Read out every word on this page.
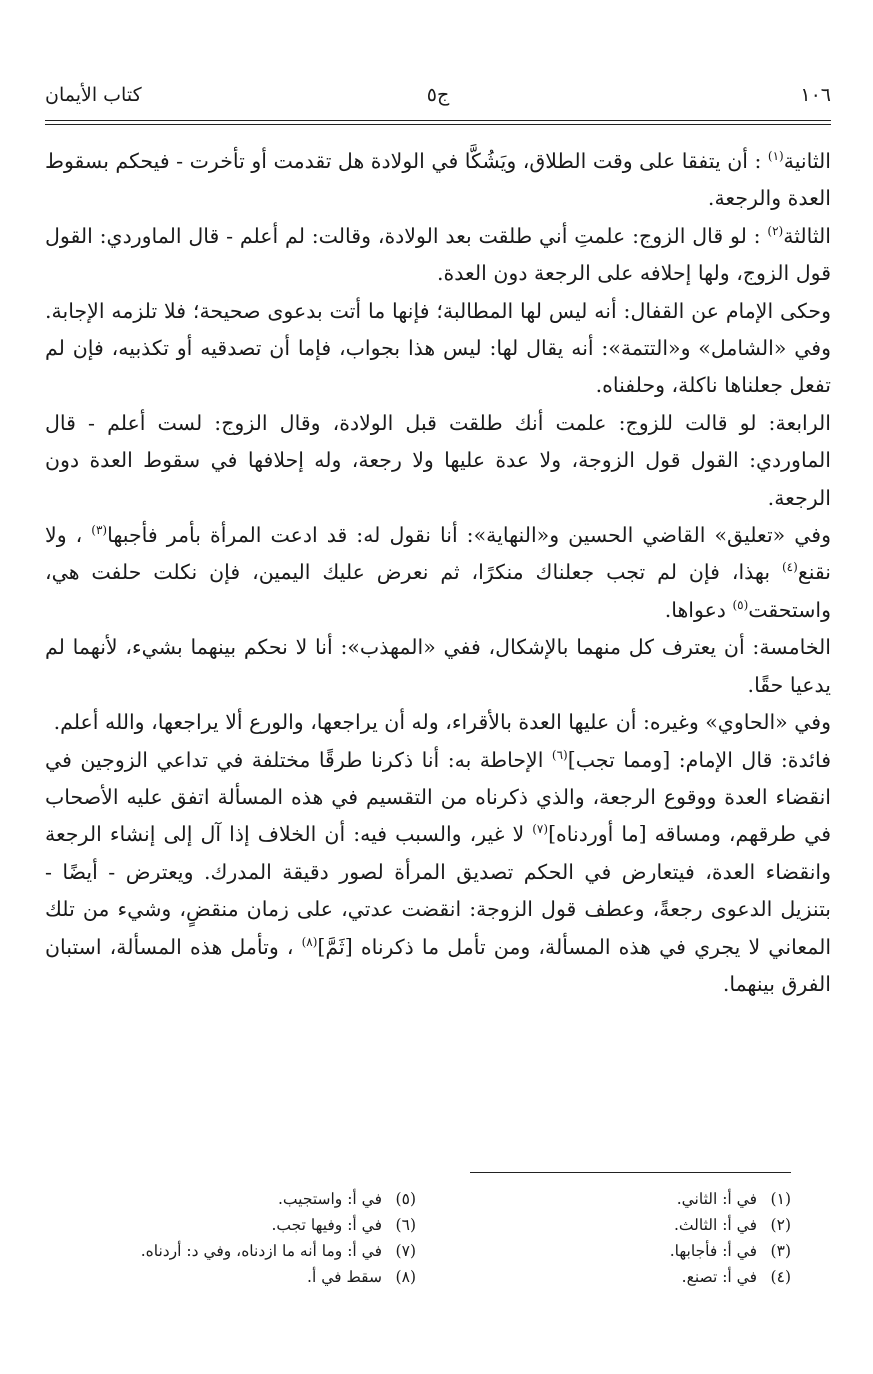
١٠٦
ج٥
كتاب الأيمان

الثانية$^{(١)}$ : أن يتفقا على وقت الطلاق، ويَشُكَّا في الولادة هل تقدمت أو تأخرت - فيحكم بسقوط العدة والرجعة.

الثالثة$^{(٢)}$ : لو قال الزوج: علمتِ أني طلقت بعد الولادة، وقالت: لم أعلم - قال الماوردي: القول قول الزوج، ولها إحلافه على الرجعة دون العدة.

وحكى الإمام عن القفال: أنه ليس لها المطالبة؛ فإنها ما أتت بدعوى صحيحة؛ فلا تلزمه الإجابة. وفي «الشامل» و«التتمة»: أنه يقال لها: ليس هذا بجواب، فإما أن تصدقيه أو تكذبيه، فإن لم تفعل جعلناها ناكلة، وحلفناه.

الرابعة: لو قالت للزوج: علمت أنك طلقت قبل الولادة، وقال الزوج: لست أعلم - قال الماوردي: القول قول الزوجة، ولا عدة عليها ولا رجعة، وله إحلافها في سقوط العدة دون الرجعة.

وفي «تعليق» القاضي الحسين و«النهاية»: أنا نقول له: قد ادعت المرأة بأمر فأجبها$^{(٣)}$ ، ولا نقنع$^{(٤)}$ بهذا، فإن لم تجب جعلناك منكرًا، ثم نعرض عليك اليمين، فإن نكلت حلفت هي، واستحقت$^{(٥)}$ دعواها.

الخامسة: أن يعترف كل منهما بالإشكال، ففي «المهذب»: أنا لا نحكم بينهما بشيء، لأنهما لم يدعيا حقًا.

وفي «الحاوي» وغيره: أن عليها العدة بالأقراء، وله أن يراجعها، والورع ألا يراجعها، والله أعلم.

فائدة: قال الإمام: [ومما تجب]$^{(٦)}$ الإحاطة به: أنا ذكرنا طرقًا مختلفة في تداعي الزوجين في انقضاء العدة ووقوع الرجعة، والذي ذكرناه من التقسيم في هذه المسألة اتفق عليه الأصحاب في طرقهم، ومساقه [ما أوردناه]$^{(٧)}$ لا غير، والسبب فيه: أن الخلاف إذا آل إلى إنشاء الرجعة وانقضاء العدة، فيتعارض في الحكم تصديق المرأة لصور دقيقة المدرك. ويعترض - أيضًا - بتنزيل الدعوى رجعةً، وعطف قول الزوجة: انقضت عدتي، على زمان منقضٍ، وشيء من تلك المعاني لا يجري في هذه المسألة، ومن تأمل ما ذكرناه [ثَمَّ]$^{(٨)}$ ، وتأمل هذه المسألة، استبان الفرق بينهما.

(١)في أ: الثاني.
(٢)في أ: الثالث.
(٣)في أ: فأجابها.
(٤)في أ: تصنع.
(٥)في أ: واستجيب.
(٦)في أ: وفيها تجب.
(٧)في أ: وما أنه ما ازدناه، وفي د: أردناه.
(٨)سقط في أ.
